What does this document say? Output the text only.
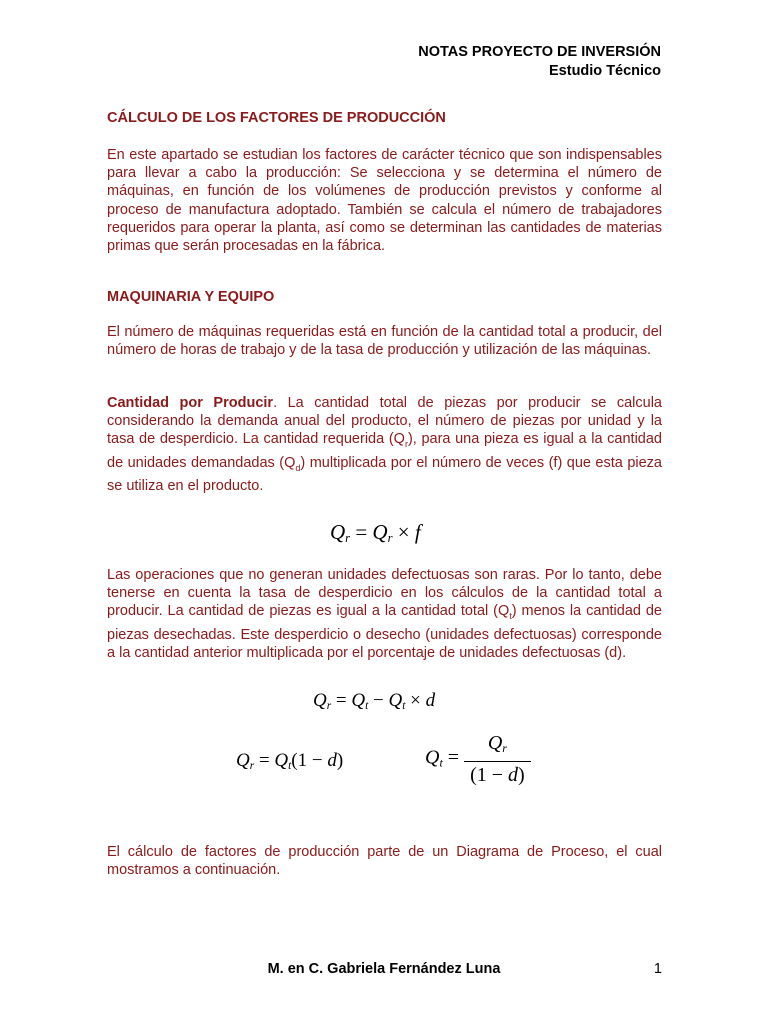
NOTAS PROYECTO DE INVERSIÓN
Estudio Técnico
CÁLCULO DE LOS FACTORES DE PRODUCCIÓN

En este apartado se estudian los factores de carácter técnico que son indispensables para llevar a cabo la producción: Se selecciona y se determina el número de máquinas, en función de los volúmenes de producción previstos y conforme al proceso de manufactura adoptado. También se calcula el número de trabajadores requeridos para operar la planta, así como se determinan las cantidades de materias primas que serán procesadas en la fábrica.

MAQUINARIA Y EQUIPO

El número de máquinas requeridas está en función de la cantidad total a producir, del número de horas de trabajo y de la tasa de producción y utilización de las máquinas.

Cantidad por Producir. La cantidad total de piezas por producir se calcula considerando la demanda anual del producto, el número de piezas por unidad y la tasa de desperdicio. La cantidad requerida $(Q_r)$, para una pieza es igual a la cantidad de unidades demandadas $(Q_d)$ multiplicada por el número de veces (f) que esta pieza se utiliza en el producto.

$Q_r = Q_r \times f$

Las operaciones que no generan unidades defectuosas son raras. Por lo tanto, debe tenerse en cuenta la tasa de desperdicio en los cálculos de la cantidad total a producir. La cantidad de piezas es igual a la cantidad total $(Q_t)$ menos la cantidad de piezas desechadas. Este desperdicio o desecho (unidades defectuosas) corresponde a la cantidad anterior multiplicada por el porcentaje de unidades defectuosas (d).

$Q_r = Q_t - Q_t \times d$
$Q_r = Q_t(1 - d)$	$Q_t = \frac{Q_r}{(1 - d)}$

El cálculo de factores de producción parte de un Diagrama de Proceso, el cual mostramos a continuación.

M. en C. Gabriela Fernández Luna	1
